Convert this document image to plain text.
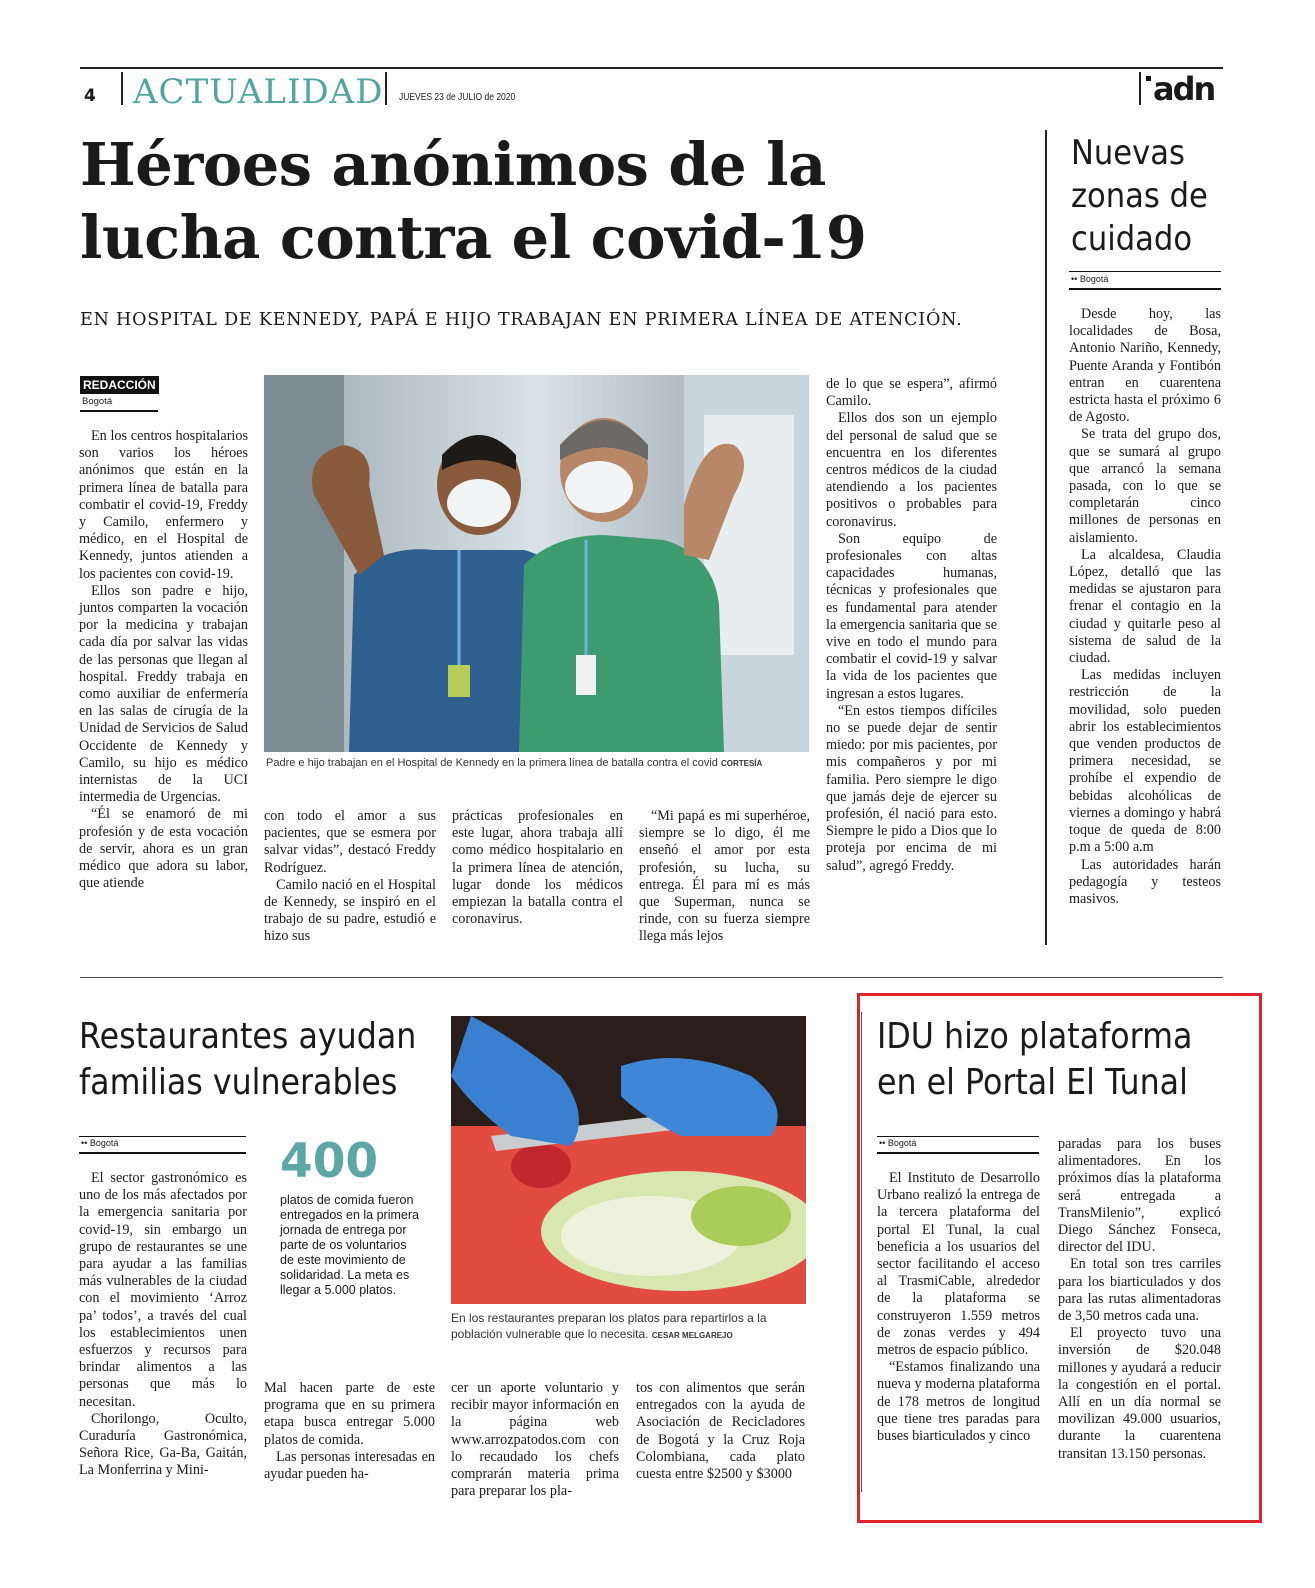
4 ACTUALIDAD JUEVES 23 de JULIO de 2020	adn
Héroes anónimos de la
lucha contra el covid-19
EN HOSPITAL DE KENNEDY, PAPÁ E HIJO TRABAJAN EN PRIMERA LÍNEA DE ATENCIÓN.
REDACCIÓN
Bogotá

En los centros hospitalarios son varios los héroes anónimos que están en la primera línea de batalla para combatir el covid-19, Freddy y Camilo, enfermero y médico, en el Hospital de Kennedy, juntos atienden a los pacientes con covid-19.

Ellos son padre e hijo, juntos comparten la vocación por la medicina y trabajan cada día por salvar las vidas de las personas que llegan al hospital. Freddy trabaja en como auxiliar de enfermería en las salas de cirugía de la Unidad de Servicios de Salud Occidente de Kennedy y Camilo, su hijo es médico internistas de la UCI intermedia de Urgencias.

“Él se enamoró de mi profesión y de esta vocación de servir, ahora es un gran médico que adora su labor, que atiende

Padre e hijo trabajan en el Hospital de Kennedy en la primera línea de batalla contra el covid CORTESÍA

con todo el amor a sus pacientes, que se esmera por salvar vidas”, destacó Freddy Rodríguez.

Camilo nació en el Hospital de Kennedy, se inspiró en el trabajo de su padre, estudió e hizo sus

prácticas profesionales en este lugar, ahora trabaja allí como médico hospitalario en la primera línea de atención, lugar donde los médicos empiezan la batalla contra el coronavirus.

“Mi papá es mi superhéroe, siempre se lo digo, él me enseñó el amor por esta profesión, su lucha, su entrega. Él para mí es más que Superman, nunca se rinde, con su fuerza siempre llega más lejos

de lo que se espera”, afirmó Camilo.

Ellos dos son un ejemplo del personal de salud que se encuentra en los diferentes centros médicos de la ciudad atendiendo a los pacientes positivos o probables para coronavirus.

Son equipo de profesionales con altas capacidades humanas, técnicas y profesionales que es fundamental para atender la emergencia sanitaria que se vive en todo el mundo para combatir el covid-19 y salvar la vida de los pacientes que ingresan a estos lugares.

“En estos tiempos difíciles no se puede dejar de sentir miedo: por mis pacientes, por mis compañeros y por mi familia. Pero siempre le digo que jamás deje de ejercer su profesión, él nació para esto. Siempre le pido a Dios que lo proteja por encima de mi salud”, agregó Freddy.

Nuevas
zonas de
cuidado
•• Bogotá

Desde hoy, las localidades de Bosa, Antonio Nariño, Kennedy, Puente Aranda y Fontibón entran en cuarentena estricta hasta el próximo 6 de Agosto.

Se trata del grupo dos, que se sumará al grupo que arrancó la semana pasada, con lo que se completarán cinco millones de personas en aislamiento.

La alcaldesa, Claudia López, detalló que las medidas se ajustaron para frenar el contagio en la ciudad y quitarle peso al sistema de salud de la ciudad.

Las medidas incluyen restricción de la movilidad, solo pueden abrir los establecimientos que venden productos de primera necesidad, se prohíbe el expendio de bebidas alcohólicas de viernes a domingo y habrá toque de queda de 8:00 p.m a 5:00 a.m

Las autoridades harán pedagogía y testeos masivos.

Restaurantes ayudan
familias vulnerables
•• Bogotá

El sector gastronómico es uno de los más afectados por la emergencia sanitaria por covid-19, sin embargo un grupo de restaurantes se une para ayudar a las familias más vulnerables de la ciudad con el movimiento ‘Arroz pa’ todos’, a través del cual los establecimientos unen esfuerzos y recursos para brindar alimentos a las personas que más lo necesitan.

Chorilongo, Oculto, Curaduría Gastronómica, Señora Rice, Ga-Ba, Gaitán, La Monferrina y Mini-

400
platos de comida fueron entregados en la primera jornada de entrega por parte de os voluntarios de este movimiento de solidaridad. La meta es llegar a 5.000 platos.
En los restaurantes preparan los platos para repartirlos a la
población vulnerable que lo necesita. CESAR MELGAREJO

Mal hacen parte de este programa que en su primera etapa busca entregar 5.000 platos de comida.

Las personas interesadas en ayudar pueden ha-

cer un aporte voluntario y recibir mayor información en la página web www.arrozpatodos.com con lo recaudado los chefs comprarán materia prima para preparar los pla-

tos con alimentos que serán entregados con la ayuda de Asociación de Recicladores de Bogotá y la Cruz Roja Colombiana, cada plato cuesta entre $2500 y $3000

IDU hizo plataforma
en el Portal El Tunal
•• Bogotá

El Instituto de Desarrollo Urbano realizó la entrega de la tercera plataforma del portal El Tunal, la cual beneficia a los usuarios del sector facilitando el acceso al TrasmiCable, alrededor de la plataforma se construyeron 1.559 metros de zonas verdes y 494 metros de espacio público.

“Estamos finalizando una nueva y moderna plataforma de 178 metros de longitud que tiene tres paradas para buses biarticulados y cinco

paradas para los buses alimentadores. En los próximos días la plataforma será entregada a TransMilenio”, explicó Diego Sánchez Fonseca, director del IDU.

En total son tres carriles para los biarticulados y dos para las rutas alimentadoras de 3,50 metros cada una.

El proyecto tuvo una inversión de $20.048 millones y ayudará a reducir la congestión en el portal. Allí en un día normal se movilizan 49.000 usuarios, durante la cuarentena transitan 13.150 personas.
